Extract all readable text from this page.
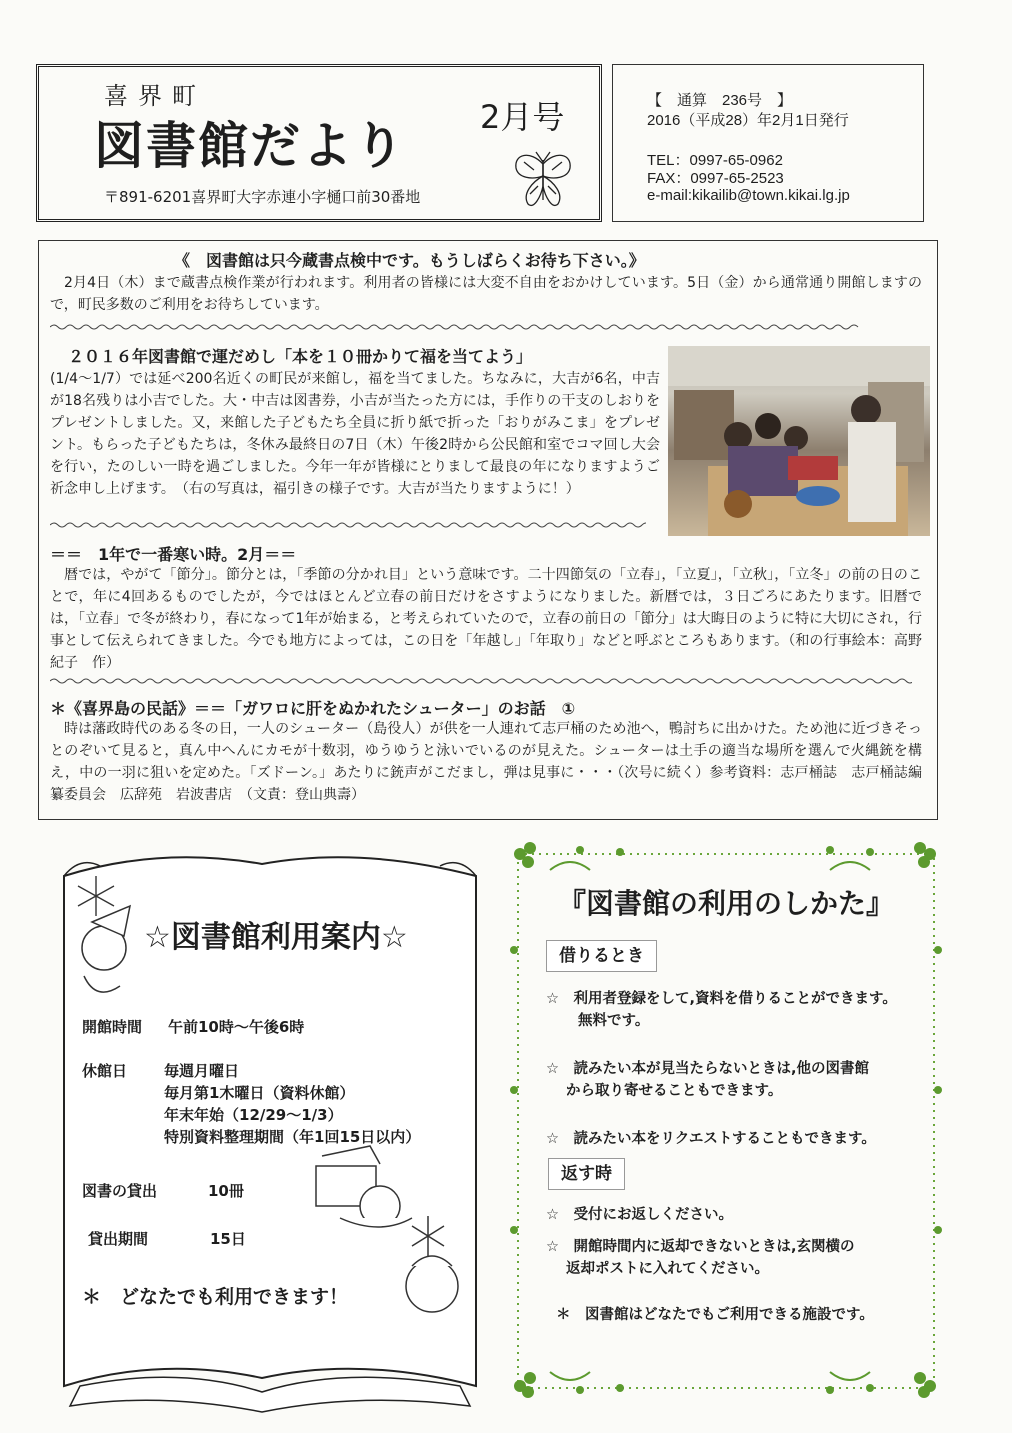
喜界町
図書館だより 2月号
〒891-6201喜界町大字赤連小字樋口前30番地
【　通算　236号　】
2016（平成28）年2月1日発行
TEL：0997-65-0962
FAX：0997-65-2523
e-mail:kikailib@town.kikai.lg.jp
《　図書館は只今蔵書点検中です。もうしばらくお待ち下さい。》
2月4日（木）まで蔵書点検作業が行われます。利用者の皆様には大変不自由をおかけしています。5日（金）から通常通り開館しますので，町民多数のご利用をお待ちしています。
２０１６年図書館で運だめし「本を１０冊かりて福を当てよう」
(1/4～1/7）では延べ200名近くの町民が来館し，福を当てました。ちなみに，大吉が6名，中吉が18名残りは小吉でした。大・中吉は図書券，小吉が当たった方には，手作りの干支のしおりをプレゼントしました。又，来館した子どもたち全員に折り紙で折った「おりがみこま」をプレゼント。もらった子どもたちは，冬休み最終日の7日（木）午後2時から公民館和室でコマ回し大会を行い，たのしい一時を過ごしました。今年一年が皆様にとりまして最良の年になりますようご祈念申し上げます。　（右の写真は，福引きの様子です。大吉が当たりますように！）
＝＝　1年で一番寒い時。2月＝＝
暦では，やがて「節分」。節分とは，「季節の分かれ目」という意味です。二十四節気の「立春」，「立夏」，「立秋」，「立冬」の前の日のことで，年に4回あるものでしたが，今ではほとんど立春の前日だけをさすようになりました。新暦では，３日ごろにあたります。旧暦では，「立春」で冬が終わり，春になって1年が始まる，と考えられていたので，立春の前日の「節分」は大晦日のように特に大切にされ，行事として伝えられてきました。今でも地方によっては，この日を「年越し」「年取り」などと呼ぶところもあります。（和の行事絵本：高野紀子　作）
＊《喜界島の民話》＝＝「ガワロに肝をぬかれたシューター」のお話　①
時は藩政時代のある冬の日，一人のシューター（島役人）が供を一人連れて志戸桶のため池へ，鴨討ちに出かけた。ため池に近づきそっとのぞいて見ると，真ん中へんにカモが十数羽，ゆうゆうと泳いでいるのが見えた。シューターは土手の適当な場所を選んで火縄銃を構え，中の一羽に狙いを定めた。「ズドーン。」あたりに銃声がこだまし，弾は見事に・・・（次号に続く）参考資料：志戸桶誌　志戸桶誌編纂委員会　広辞苑　岩波書店　（文責：登山典壽）
☆図書館利用案内☆
開館時間 午前10時～午後6時
休館日 毎週月曜日
毎月第1木曜日（資料休館）
年末年始（12/29～1/3）
特別資料整理期間（年1回15日以内）
図書の貸出	10冊
貸出期間	15日
＊　どなたでも利用できます！
『図書館の利用のしかた』
借りるとき
☆　利用者登録をして,資料を借りることができます。
無料です。
☆　読みたい本が見当たらないときは,他の図書館
から取り寄せることもできます。
☆　読みたい本をリクエストすることもできます。
返す時
☆　受付にお返しください。
☆　開館時間内に返却できないときは,玄関横の
返却ポストに入れてください。
＊　図書館はどなたでもご利用できる施設です。
